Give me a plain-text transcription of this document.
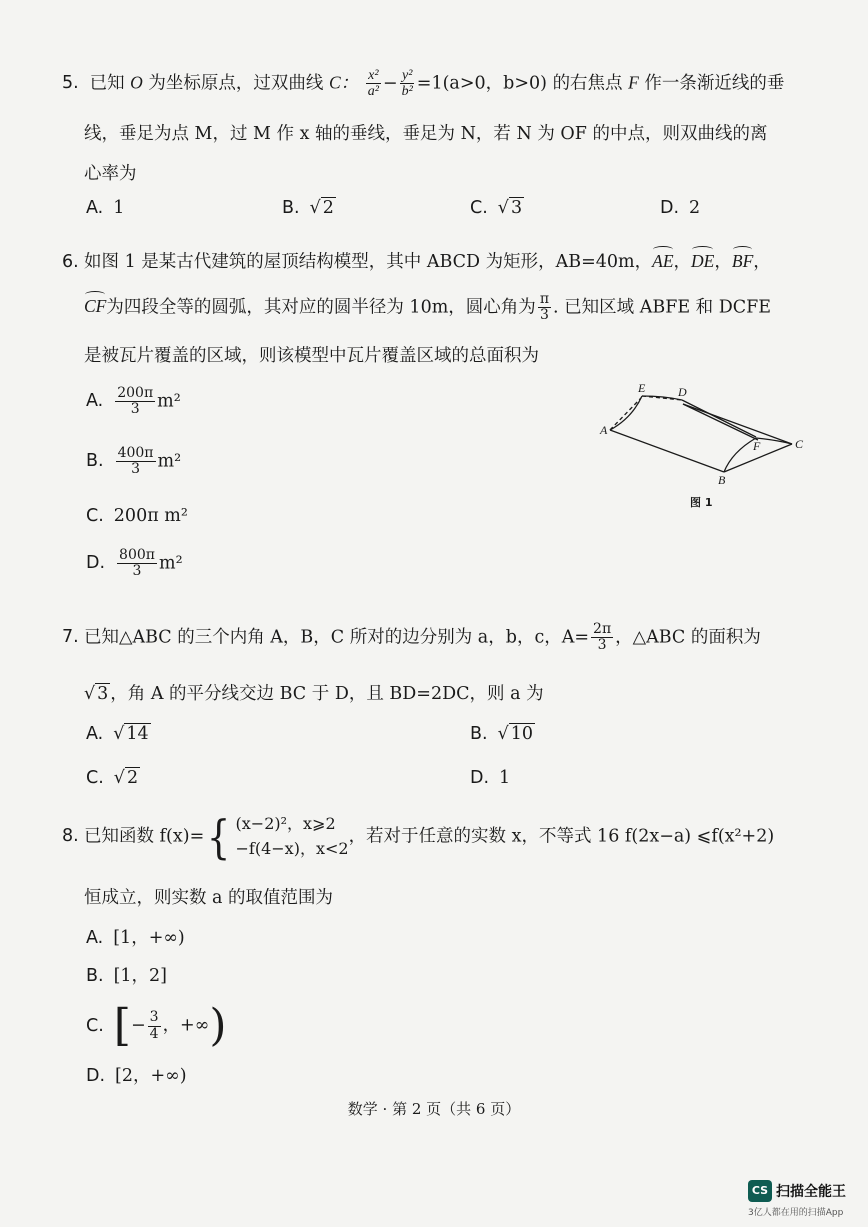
5. 已知 O 为坐标原点，过双曲线 C： $\frac{\text{x²}}{\text{a²}} - \frac{\text{y²}}{\text{b²}} =1(a>0$，b>0) 的右焦点 F 作一条渐近线的垂
线，垂足为点 M，过 M 作 x 轴的垂线，垂足为 N，若 N 为 OF 的中点，则双曲线的离
心率为
A. 1	B. √ 2	C. √ 3	D. 2
6. 如图 1 是某古代建筑的屋顶结构模型，其中 ABCD 为矩形，AB=40m，AE，DE，BF，
CF为四段全等的圆弧，其对应的圆半径为 10m，圆心角为 $\frac{\pi}{3}$ . 已知区域 ABFE 和 DCFE
是被瓦片覆盖的区域，则该模型中瓦片覆盖区域的总面积为
A. $\frac{200\pi}{3} m^2$
B. $\frac{400\pi}{3} m^2$
C. 200π m²
D. $\frac{800\pi}{3} m^2$
A
B
C
D
E
F
图 1
7. 已知△ABC 的三个内角 A，B，C 所对的边分别为 a，b，c，$A= \frac{2\pi}{3}$ ，△ABC 的面积为
√ 3 ，角 A 的平分线交边 BC 于 D，且 BD=2DC，则 a 为
A. √ 14	B. √ 10
C. √ 2	D. 1
8. 已知函数 f(x)= { (x−2)²，x⩾2
−f(4−x)，x<2
，若对于任意的实数 x，不等式 16 f(2x−a) ⩽f(x²+2)
恒成立，则实数 a 的取值范围为
A. [1，+∞)
B. [1，2]
C. [− $\frac{3}{4}$ ，+∞)
D. [2，+∞)
数学 · 第 2 页（共 6 页）
CS 扫描全能王
3亿人都在用的扫描App
